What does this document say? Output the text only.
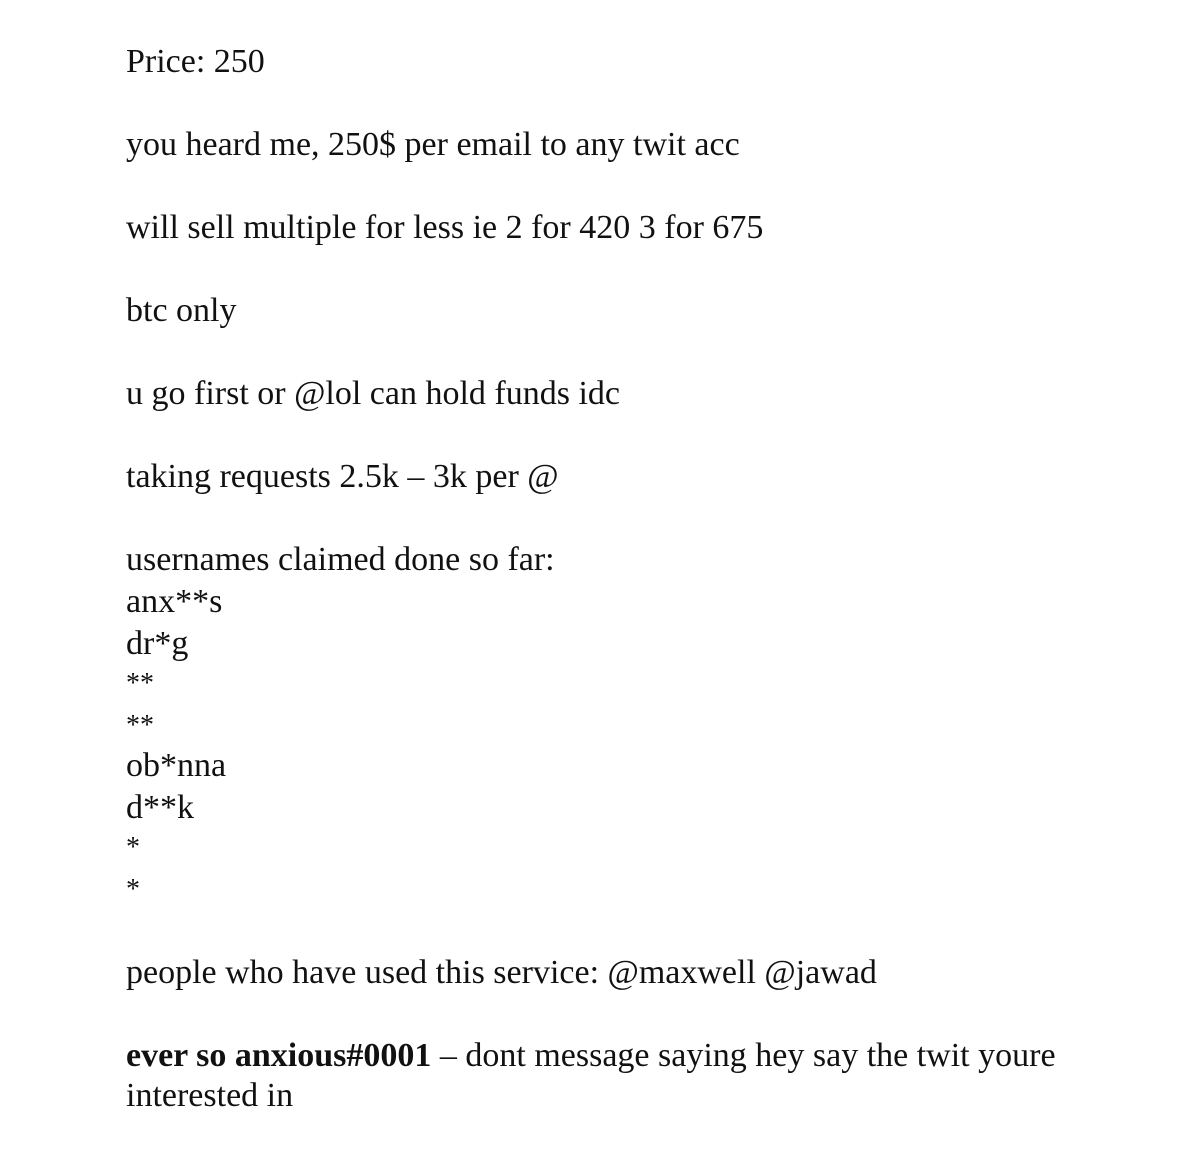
Price: 250
you heard me, 250$ per email to any twit acc
will sell multiple for less ie 2 for 420 3 for 675
btc only
u go first or @lol can hold funds idc
taking requests 2.5k – 3k per @
usernames claimed done so far:
anx**s
dr*g
**
**
ob*nna
d**k
*
*
people who have used this service: @maxwell @jawad
ever so anxious#0001 – dont message saying hey say the twit youre interested in
